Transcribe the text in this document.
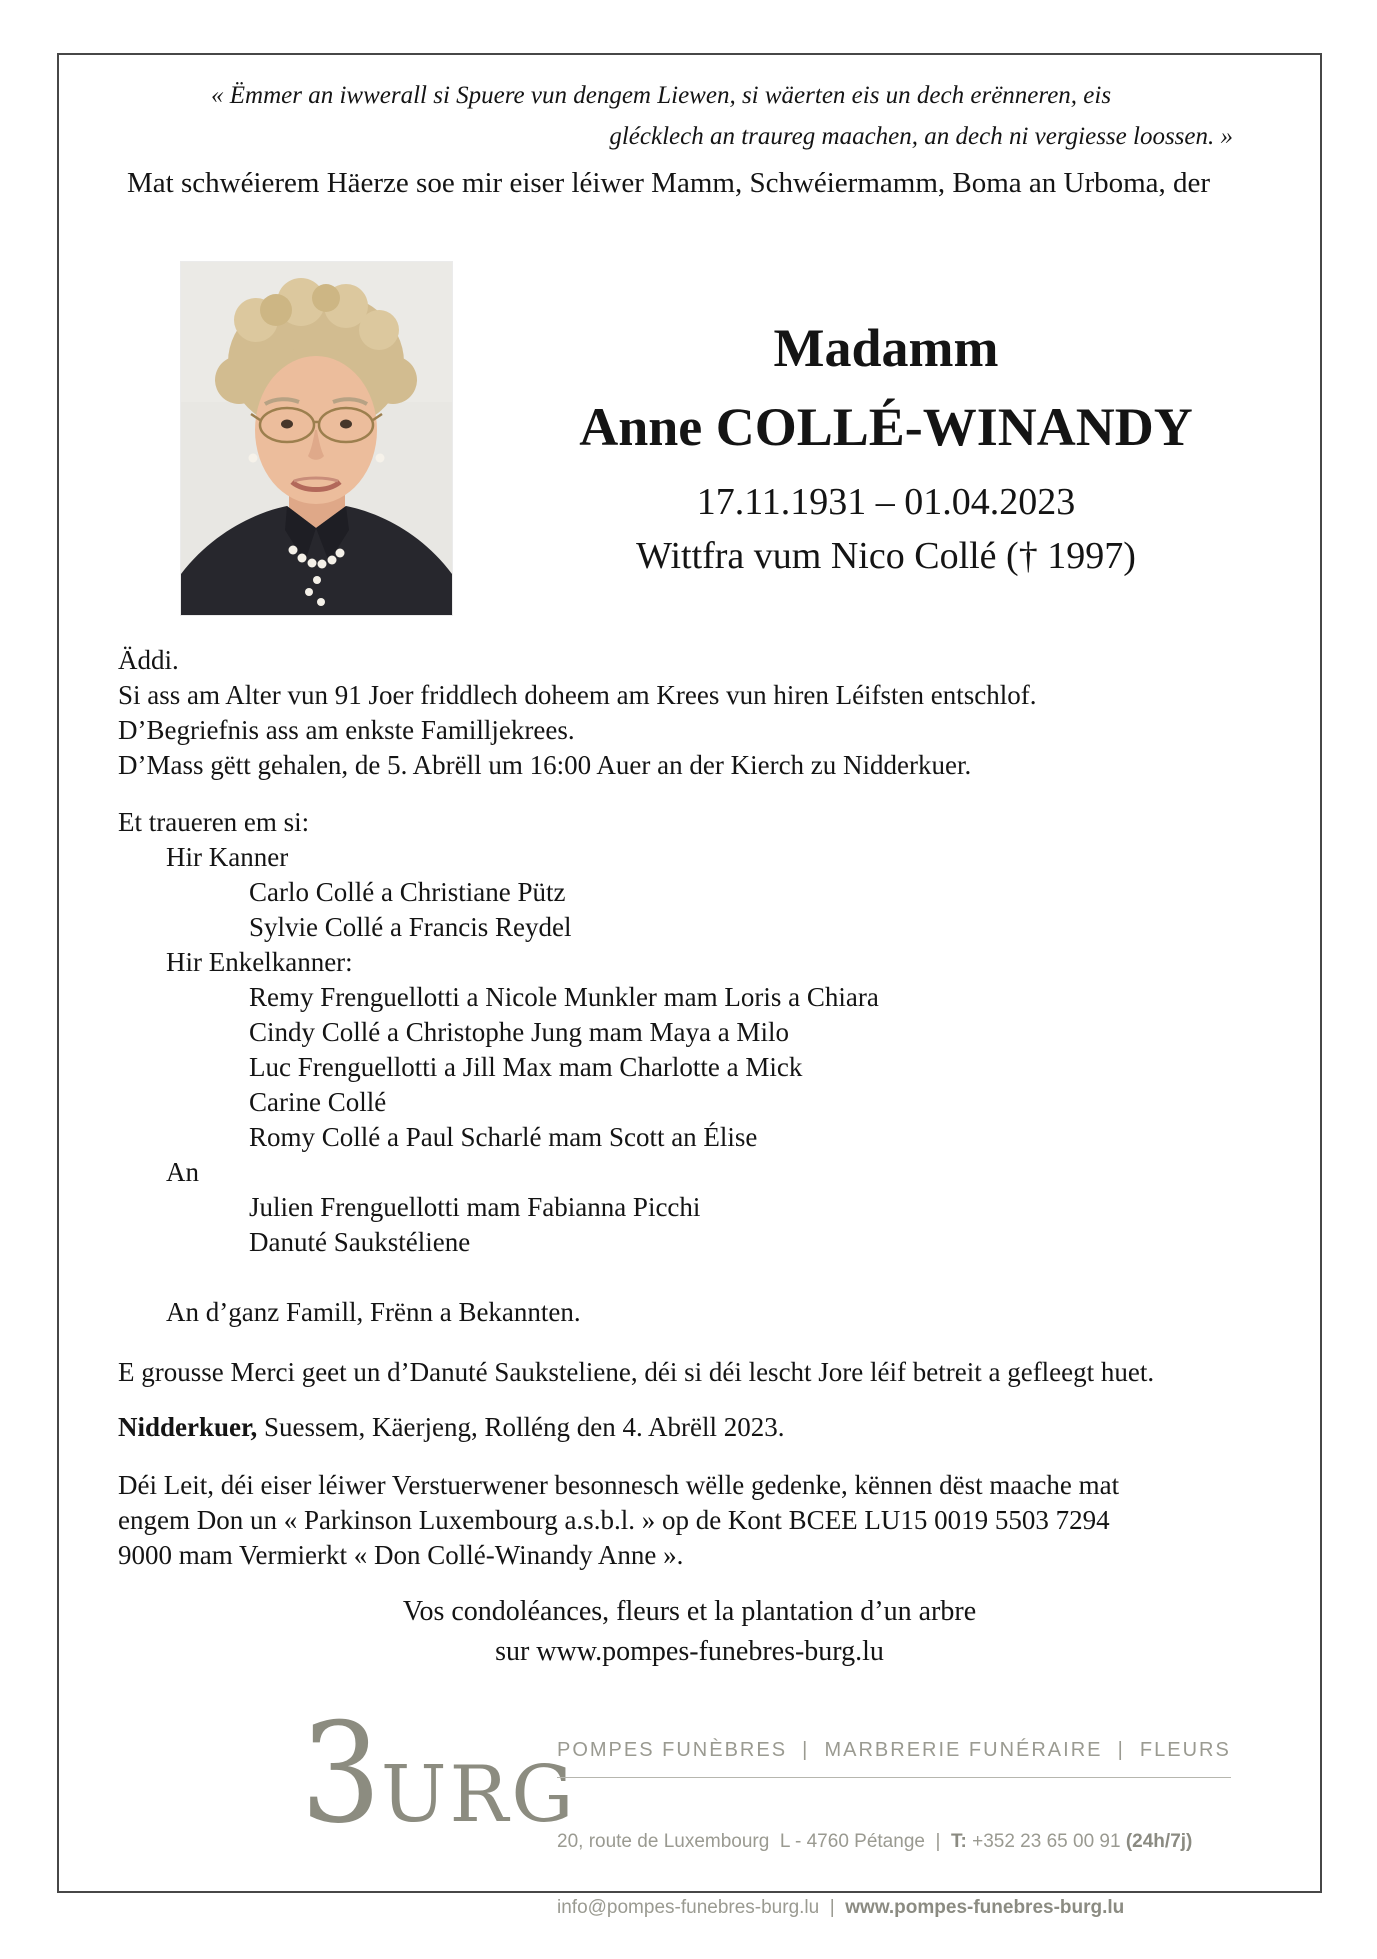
« Ëmmer an iwwerall si Spuere vun dengem Liewen, si wäerten eis un dech erënneren, eis
glécklech an traureg maachen, an dech ni vergiesse loossen. »
Mat schwéierem Häerze soe mir eiser léiwer Mamm, Schwéiermamm, Boma an Urboma, der
Madamm
Anne COLLÉ-WINANDY
17.11.1931 – 01.04.2023
Wittfra vum Nico Collé († 1997)
Äddi.
Si ass am Alter vun 91 Joer friddlech doheem am Krees vun hiren Léifsten entschlof.
D’Begriefnis ass am enkste Familljekrees.
D’Mass gëtt gehalen, de 5. Abrëll um 16:00 Auer an der Kierch zu Nidderkuer.
Et traueren em si:
Hir Kanner
Carlo Collé a Christiane Pütz
Sylvie Collé a Francis Reydel
Hir Enkelkanner:
Remy Frenguellotti a Nicole Munkler mam Loris a Chiara
Cindy Collé a Christophe Jung mam Maya a Milo
Luc Frenguellotti a Jill Max mam Charlotte a Mick
Carine Collé
Romy Collé a Paul Scharlé mam Scott an Élise
An
Julien Frenguellotti mam Fabianna Picchi
Danuté Saukstéliene
An d’ganz Famill, Frënn a Bekannten.
E grousse Merci geet un d’Danuté Sauksteliene, déi si déi lescht Jore léif betreit a gefleegt huet.
Nidderkuer, Suessem, Käerjeng, Rolléng den 4. Abrëll 2023.
Déi Leit, déi eiser léiwer Verstuerwener besonnesch wëlle gedenke, kënnen dëst maache mat
engem Don un « Parkinson Luxembourg a.s.b.l. » op de Kont BCEE LU15 0019 5503 7294
9000 mam Vermierkt « Don Collé-Winandy Anne ».
Vos condoléances, fleurs et la plantation d’un arbre
sur www.pompes-funebres-burg.lu
3 URG

POMPES FUNÈBRES  |  MARBRERIE FUNÉRAIRE  |  FLEURS

20, route de Luxembourg  L - 4760 Pétange  |  T: +352 23 65 00 91 (24h/7j)

info@pompes-funebres-burg.lu  |  www.pompes-funebres-burg.lu
